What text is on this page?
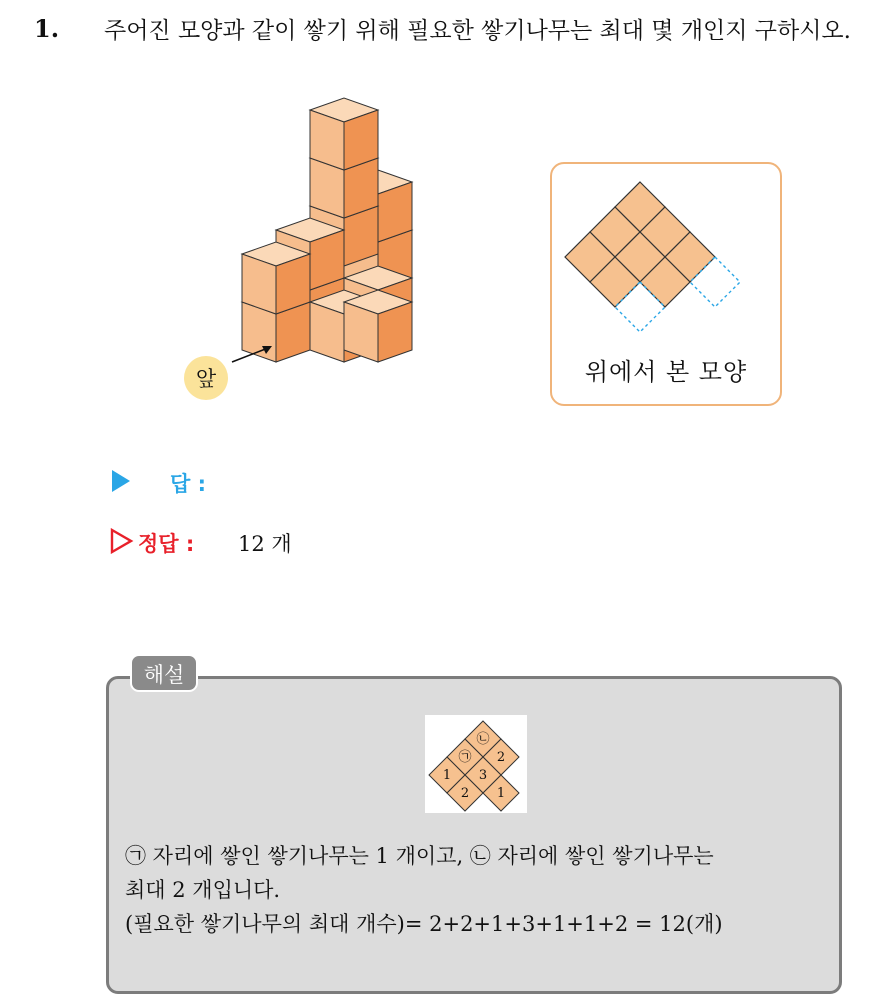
1. 주어진 모양과 같이 쌓기 위해 필요한 쌓기나무는 최대 몇 개인지 구하시오.
앞	위에서 본 모양
답 :
정답 : 12 개
㉡
㉠ 2
1 3
2 1

㉠ 자리에 쌓인 쌓기나무는 1 개이고, ㉡ 자리에 쌓인 쌓기나무는

최대 2 개입니다.

(필요한 쌓기나무의 최대 개수)= 2+2+1+3+1+1+2 = 12(개)

해설
